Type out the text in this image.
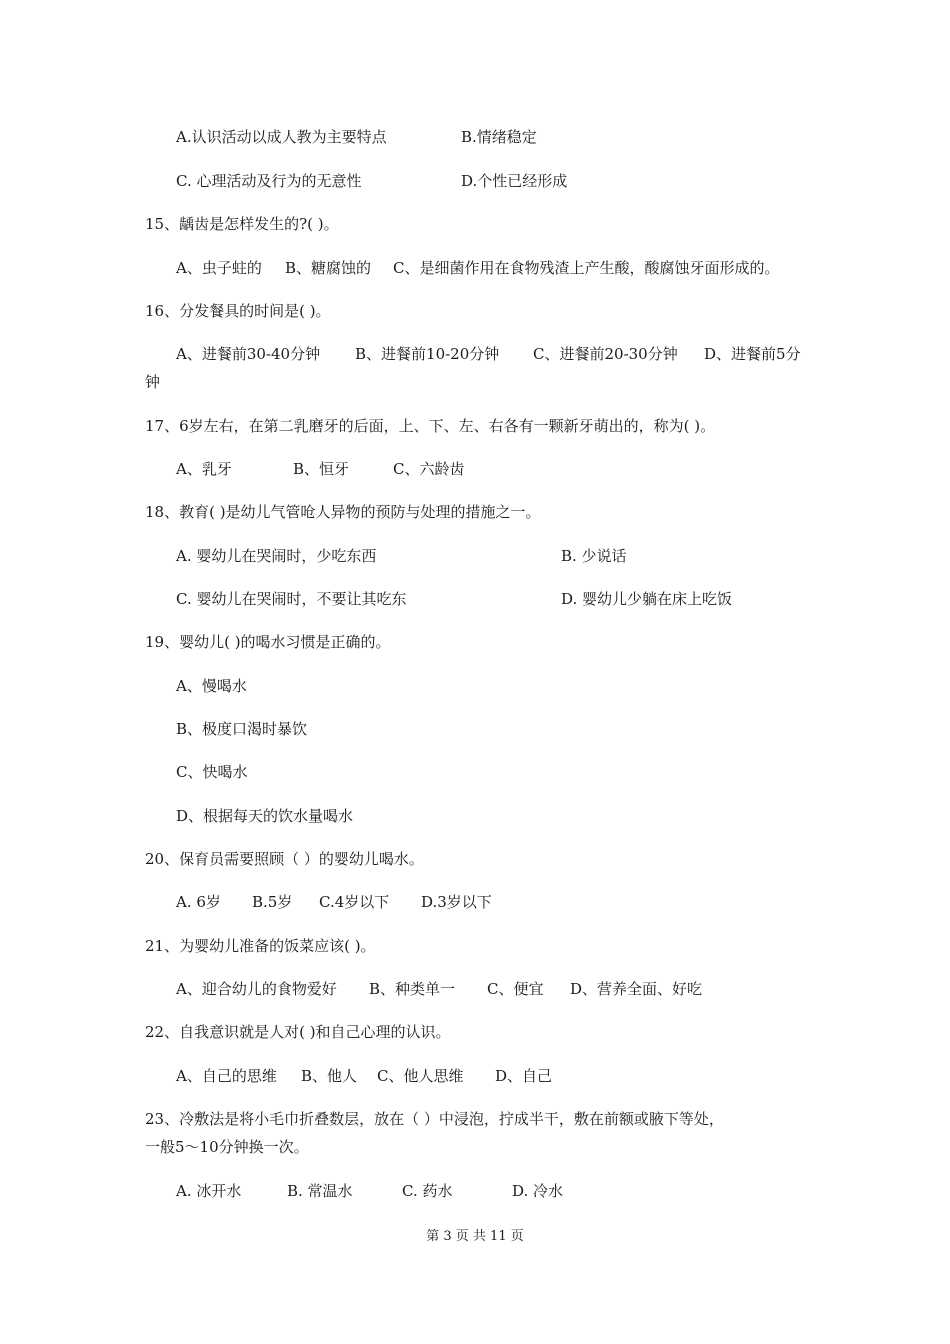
A.认识活动以成人教为主要特点	B.情绪稳定
C. 心理活动及行为的无意性	D.个性已经形成
15、龋齿是怎样发生的?( )。
A、虫子蛀的 B、糖腐蚀的 C、是细菌作用在食物残渣上产生酸，酸腐蚀牙面形成的。
16、分发餐具的时间是( )。
A、进餐前30-40分钟 B、进餐前10-20分钟 C、进餐前20-30分钟 D、进餐前5分
钟
17、6岁左右，在第二乳磨牙的后面，上、下、左、右各有一颗新牙萌出的，称为( )。
A、乳牙	B、恒牙	C、六龄齿
18、教育( )是幼儿气管呛人异物的预防与处理的措施之一。
A. 婴幼儿在哭闹时，少吃东西	B. 少说话
C. 婴幼儿在哭闹时，不要让其吃东	D. 婴幼儿少躺在床上吃饭
19、婴幼儿( )的喝水习惯是正确的。
A、慢喝水
B、极度口渴时暴饮
C、快喝水
D、根据每天的饮水量喝水
20、保育员需要照顾（ ）的婴幼儿喝水。
A. 6岁 B.5岁 C.4岁以下 D.3岁以下
21、为婴幼儿准备的饭菜应该( )。
A、迎合幼儿的食物爱好 B、种类单一 C、便宜 D、营养全面、好吃
22、自我意识就是人对( )和自己心理的认识。
A、自己的思维 B、他人 C、他人思维 D、自己
23、冷敷法是将小毛巾折叠数层，放在（ ）中浸泡，拧成半干，敷在前额或腋下等处，
一般5～10分钟换一次。
A. 冰开水	B. 常温水	C. 药水	D. 冷水
第 3 页 共 11 页
